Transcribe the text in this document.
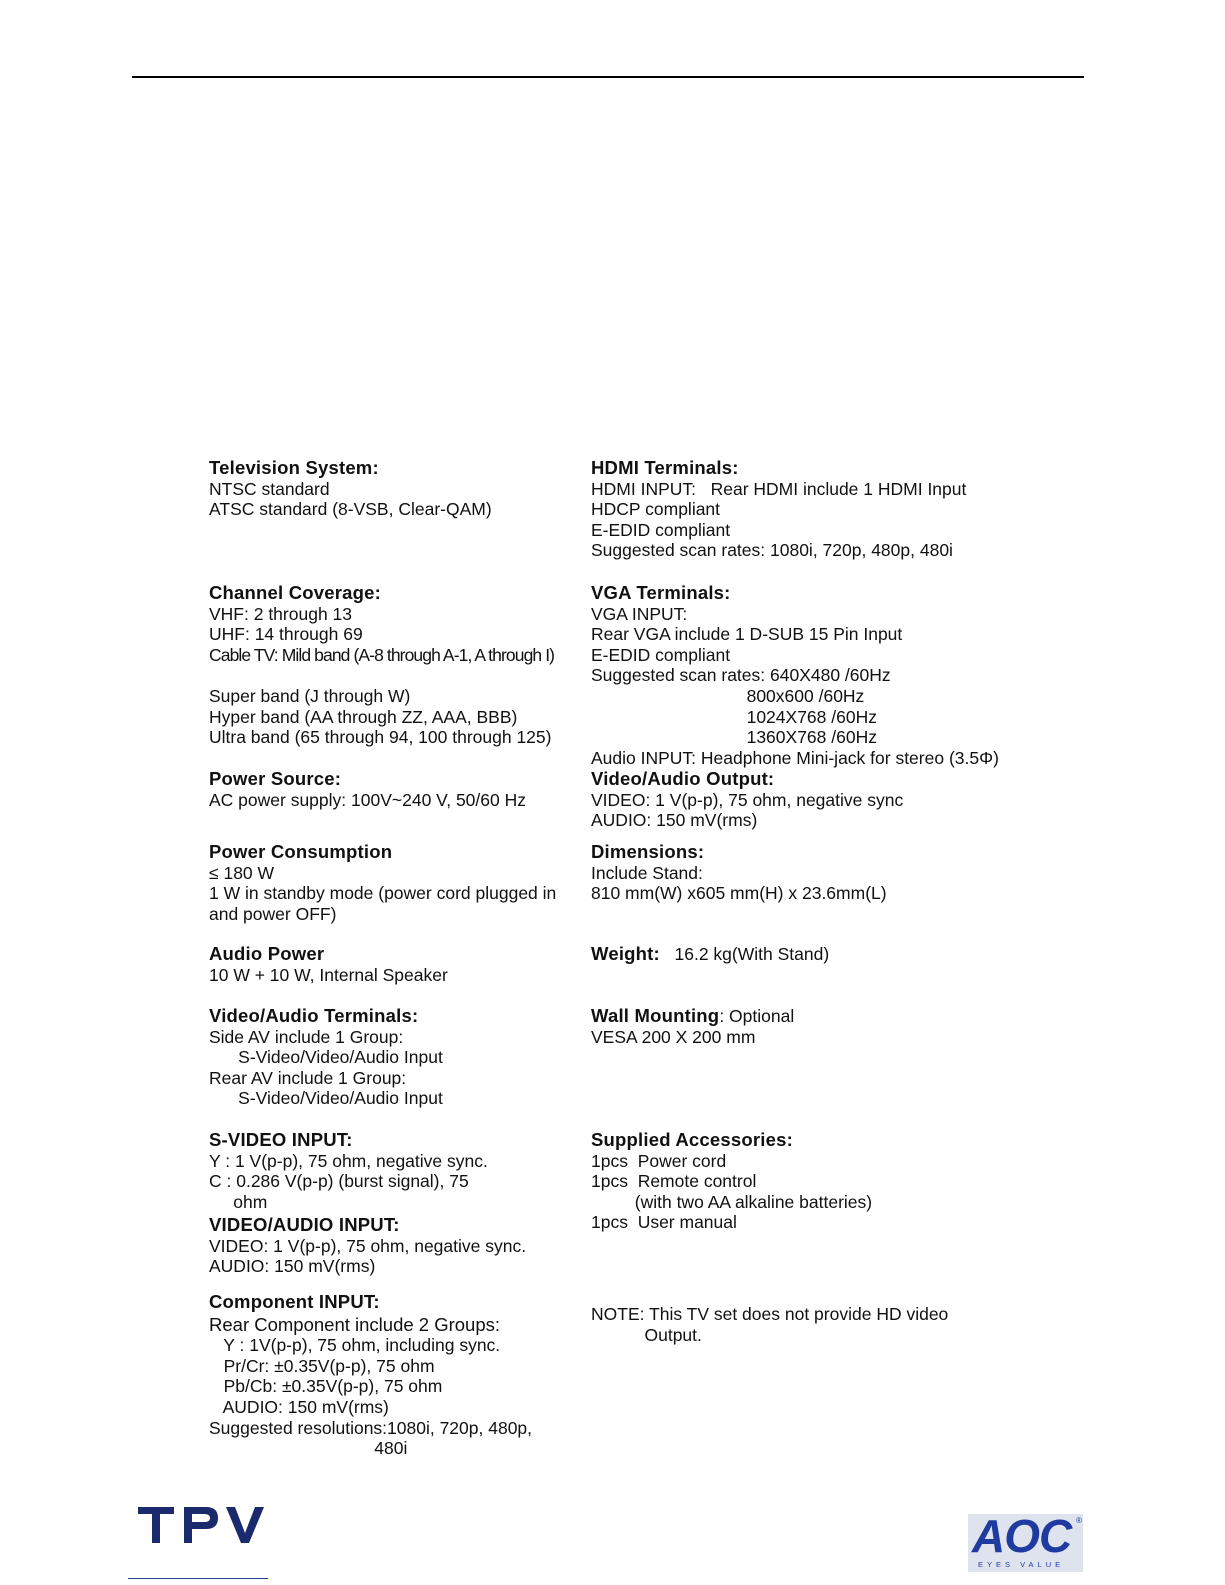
Television System:
NTSC standard
ATSC standard (8-VSB, Clear-QAM)
Channel Coverage:
VHF: 2 through 13
UHF: 14 through 69
Cable TV: Mild band (A-8 through A-1, A through I)

Super band (J through W)
Hyper band (AA through ZZ, AAA, BBB)
Ultra band (65 through 94, 100 through 125)
Power Source:
AC power supply: 100V~240 V, 50/60 Hz
Power Consumption
≤ 180 W
1 W in standby mode (power cord plugged in
and power OFF)
Audio Power
10 W + 10 W, Internal Speaker
Video/Audio Terminals:
Side AV include 1 Group:
S-Video/Video/Audio Input
Rear AV include 1 Group:
S-Video/Video/Audio Input
S-VIDEO INPUT:
Y : 1 V(p-p), 75 ohm, negative sync.
C : 0.286 V(p-p) (burst signal), 75
ohm
VIDEO/AUDIO INPUT:
VIDEO: 1 V(p-p), 75 ohm, negative sync.
AUDIO: 150 mV(rms)
Component INPUT:
Rear Component include 2 Groups:
Y : 1V(p-p), 75 ohm, including sync.
Pr/Cr: ±0.35V(p-p), 75 ohm
Pb/Cb: ±0.35V(p-p), 75 ohm
AUDIO: 150 mV(rms)
Suggested resolutions:1080i, 720p, 480p,
480i
HDMI Terminals:
HDMI INPUT:   Rear HDMI include 1 HDMI Input
HDCP compliant
E-EDID compliant
Suggested scan rates: 1080i, 720p, 480p, 480i
VGA Terminals:
VGA INPUT:
Rear VGA include 1 D-SUB 15 Pin Input
E-EDID compliant
Suggested scan rates: 640X480 /60Hz
800x600 /60Hz
1024X768 /60Hz
1360X768 /60Hz
Audio INPUT: Headphone Mini-jack for stereo (3.5Φ)
Video/Audio Output:
VIDEO: 1 V(p-p), 75 ohm, negative sync
AUDIO: 150 mV(rms)
Dimensions:
Include Stand:
810 mm(W) x605 mm(H) x 23.6mm(L)
Weight: 16.2 kg(With Stand)
Wall Mounting: Optional
VESA 200 X 200 mm
Supplied Accessories:
1pcs  Power cord
1pcs  Remote control
(with two AA alkaline batteries)
1pcs  User manual
NOTE: This TV set does not provide HD video
Output.
AOC ®
EYES VALUE
